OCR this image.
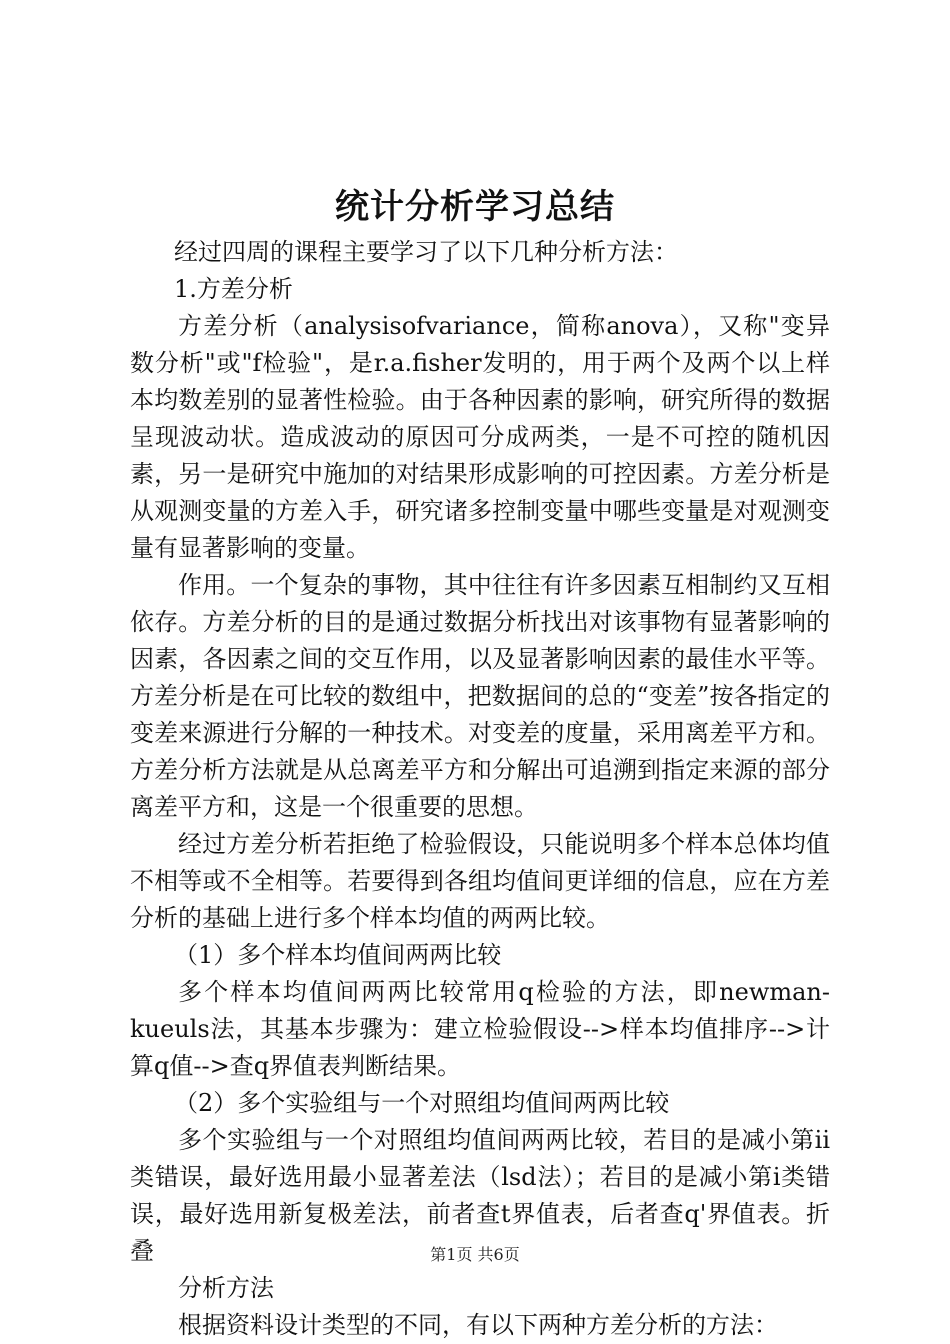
统计分析学习总结

经过四周的课程主要学习了以下几种分析方法：

1.方差分析

方差分析（analysisofvariance，简称anova），又称"变异数分析"或"f检验"，是r.a.fisher发明的，用于两个及两个以上样本均数差别的显著性检验。由于各种因素的影响，研究所得的数据呈现波动状。造成波动的原因可分成两类，一是不可控的随机因素，另一是研究中施加的对结果形成影响的可控因素。方差分析是从观测变量的方差入手，研究诸多控制变量中哪些变量是对观测变量有显著影响的变量。

作用。一个复杂的事物，其中往往有许多因素互相制约又互相依存。方差分析的目的是通过数据分析找出对该事物有显著影响的因素，各因素之间的交互作用，以及显著影响因素的最佳水平等。方差分析是在可比较的数组中，把数据间的总的“变差”按各指定的变差来源进行分解的一种技术。对变差的度量，采用离差平方和。方差分析方法就是从总离差平方和分解出可追溯到指定来源的部分离差平方和，这是一个很重要的思想。

经过方差分析若拒绝了检验假设，只能说明多个样本总体均值不相等或不全相等。若要得到各组均值间更详细的信息，应在方差分析的基础上进行多个样本均值的两两比较。

（1）多个样本均值间两两比较

多个样本均值间两两比较常用q检验的方法，即newman-kueuls法，其基本步骤为：建立检验假设-->样本均值排序-->计算q值-->查q界值表判断结果。

（2）多个实验组与一个对照组均值间两两比较

多个实验组与一个对照组均值间两两比较，若目的是减小第ii类错误，最好选用最小显著差法（lsd法）；若目的是减小第i类错误，最好选用新复极差法，前者查t界值表，后者查q'界值表。折叠

分析方法

根据资料设计类型的不同，有以下两种方差分析的方法：

第1页 共6页
